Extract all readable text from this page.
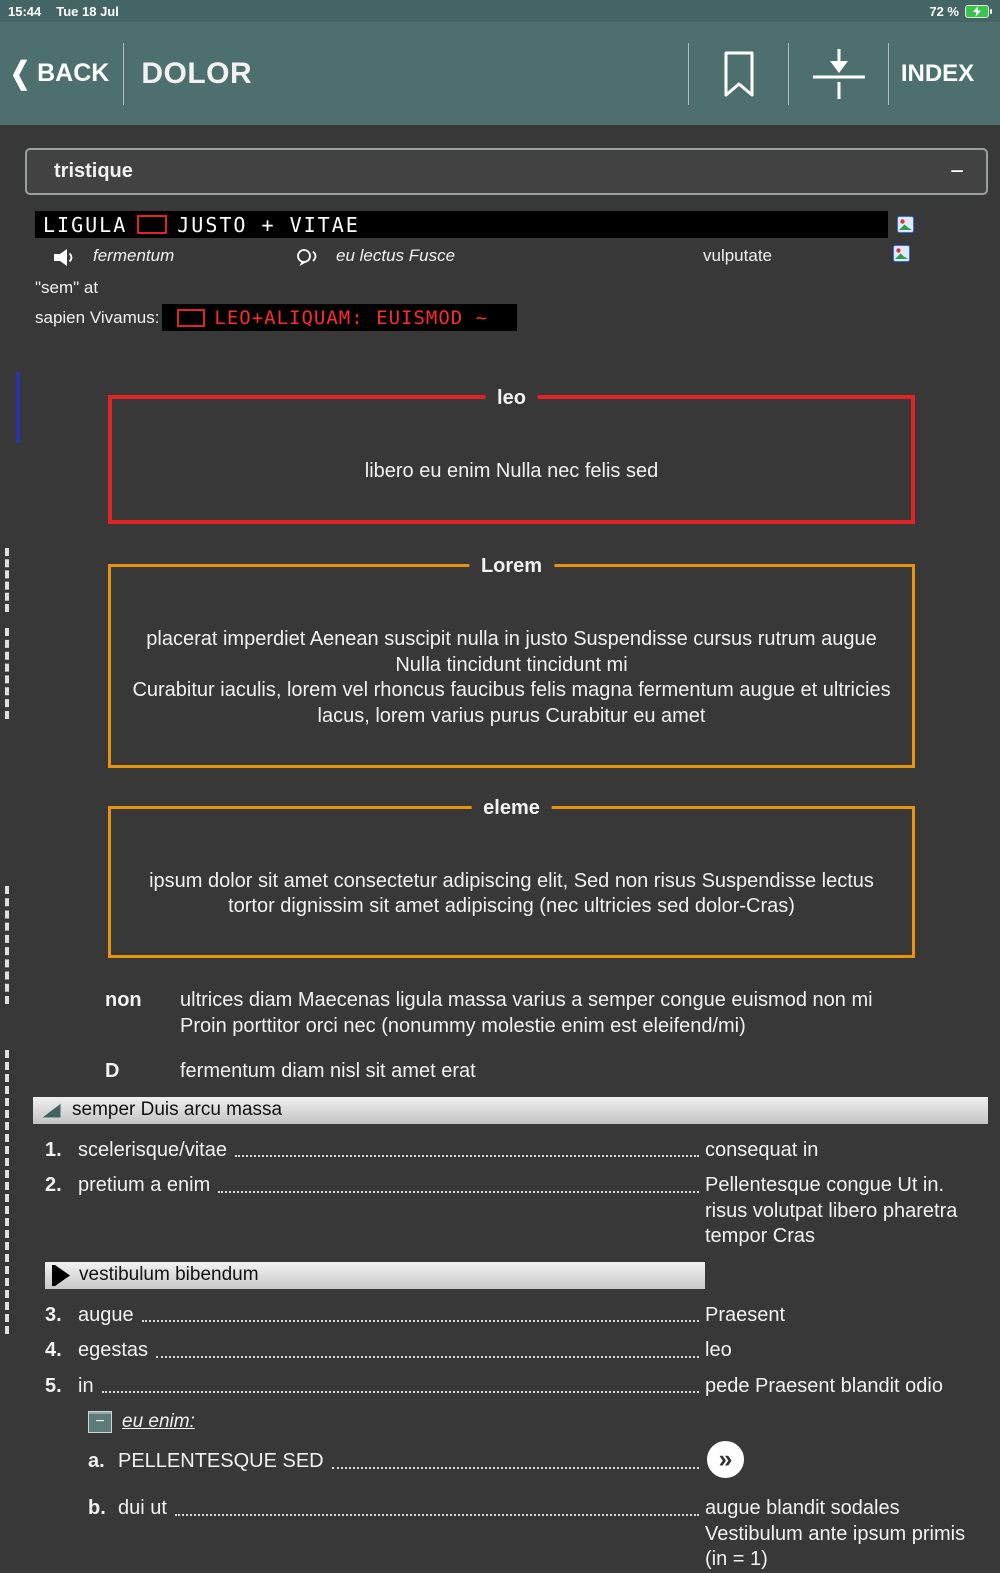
15:44 Tue 18 Jul	72 %
❮ BACK DOLOR	INDEX
tristique	−
LIGULA	JUSTO + VITAE
fermentum	eu lectus Fusce	vulputate
"sem" at
sapien Vivamus:	LEO+ALIQUAM: EUISMOD ~

leo

libero eu enim Nulla nec felis sed

Lorem

placerat imperdiet Aenean suscipit nulla in justo Suspendisse cursus rutrum augue
Nulla tincidunt tincidunt mi
Curabitur iaculis, lorem vel rhoncus faucibus felis magna fermentum augue et ultricies
lacus, lorem varius purus Curabitur eu amet

eleme

ipsum dolor sit amet consectetur adipiscing elit, Sed non risus Suspendisse lectus
tortor dignissim sit amet adipiscing (nec ultricies sed dolor-Cras)

non	ultrices diam Maecenas ligula massa varius a semper congue euismod non mi
Proin porttitor orci nec (nonummy molestie enim est eleifend/mi)
D	fermentum diam nisl sit amet erat
semper Duis arcu massa
1. scelerisque/vitae	consequat in
2. pretium a enim	Pellentesque congue Ut in.
risus volutpat libero pharetra
tempor Cras
vestibulum bibendum
3. augue	Praesent
4. egestas	leo
5. in	pede Praesent blandit odio
− eu enim:
a. PELLENTESQUE SED	»
b. dui ut	augue blandit sodales
Vestibulum ante ipsum primis
(in = 1)
